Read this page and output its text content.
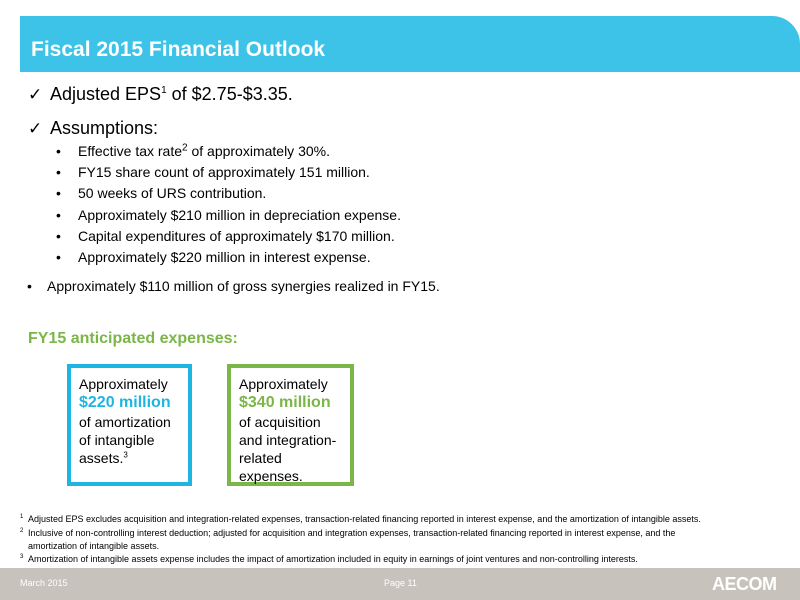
Fiscal 2015 Financial Outlook
✓ Adjusted EPS$^1$ of $2.75-$3.35.
✓ Assumptions:
• Effective tax rate$^2$ of approximately 30%.
• FY15 share count of approximately 151 million.
• 50 weeks of URS contribution.
• Approximately $210 million in depreciation expense.
• Capital expenditures of approximately $170 million.
• Approximately $220 million in interest expense.
• Approximately $110 million of gross synergies realized in FY15.
FY15 anticipated expenses:
Approximately
$220 million
of amortization
of intangible
assets.$^3$
Approximately
$340 million
of acquisition
and integration-
related
expenses.
$^1$ Adjusted EPS excludes acquisition and integration-related expenses, transaction-related financing reported in interest expense, and the amortization of intangible assets.
$^2$ Inclusive of non-controlling interest deduction; adjusted for acquisition and integration expenses, transaction-related financing reported in interest expense, and the
amortization of intangible assets.
$^3$ Amortization of intangible assets expense includes the impact of amortization included in equity in earnings of joint ventures and non-controlling interests.
March 2015	Page 11	AECOM
